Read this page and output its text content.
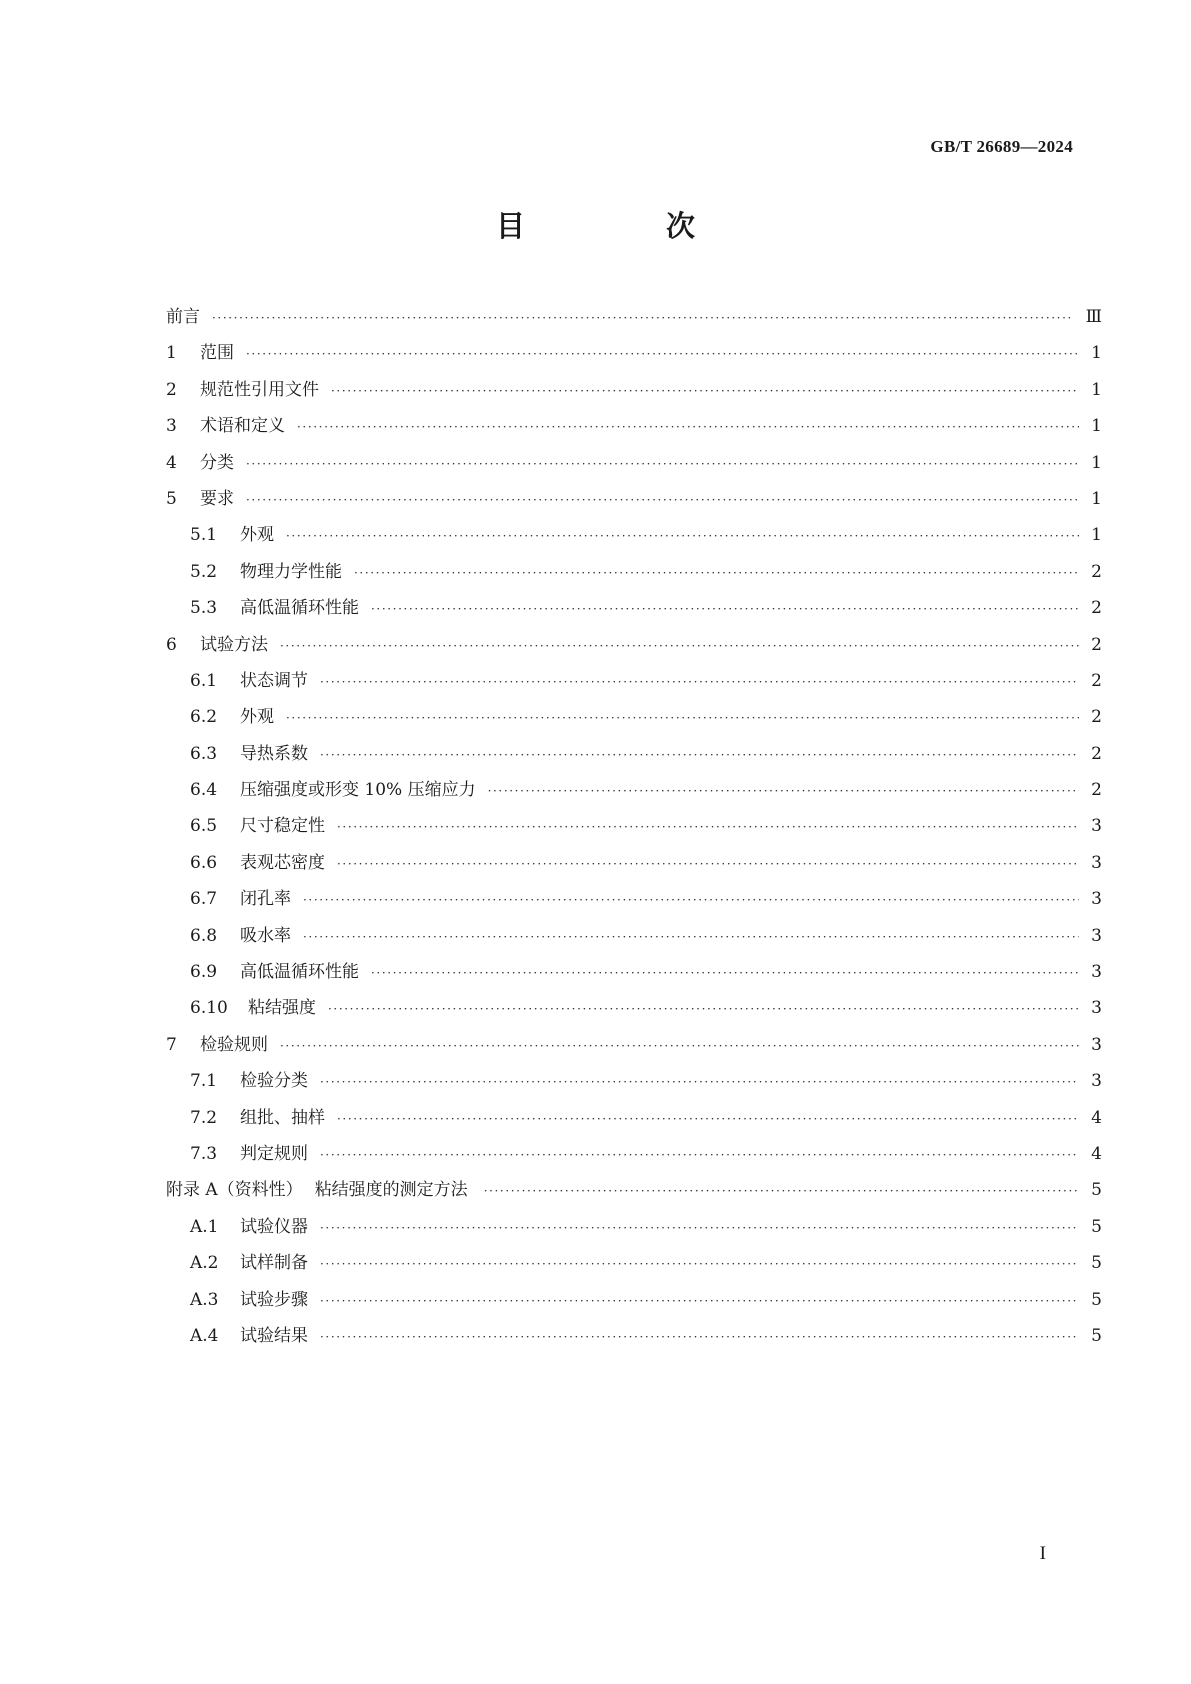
GB/T 26689—2024
目　次
前言 ·····	Ⅲ
1	范围 ·····	1
2	规范性引用文件 ·····	1
3	术语和定义 ·····	1
4	分类 ·····	1
5	要求 ·····	1
5.1	外观 ·····	1
5.2	物理力学性能 ·····	2
5.3	高低温循环性能 ·····	2
6	试验方法 ·····	2
6.1	状态调节 ·····	2
6.2	外观 ·····	2
6.3	导热系数 ·····	2
6.4	压缩强度或形变 10% 压缩应力 ·····	2
6.5	尺寸稳定性 ·····	3
6.6	表观芯密度 ·····	3
6.7	闭孔率 ·····	3
6.8	吸水率 ·····	3
6.9	高低温循环性能 ·····	3
6.10	粘结强度 ·····	3
7	检验规则 ·····	3
7.1	检验分类 ·····	3
7.2	组批、抽样 ·····	4
7.3	判定规则 ·····	4
附录 A（资料性） 粘结强度的测定方法 ·····	5
A.1	试验仪器 ·····	5
A.2	试样制备 ·····	5
A.3	试验步骤 ·····	5
A.4	试验结果 ·····	5
I
